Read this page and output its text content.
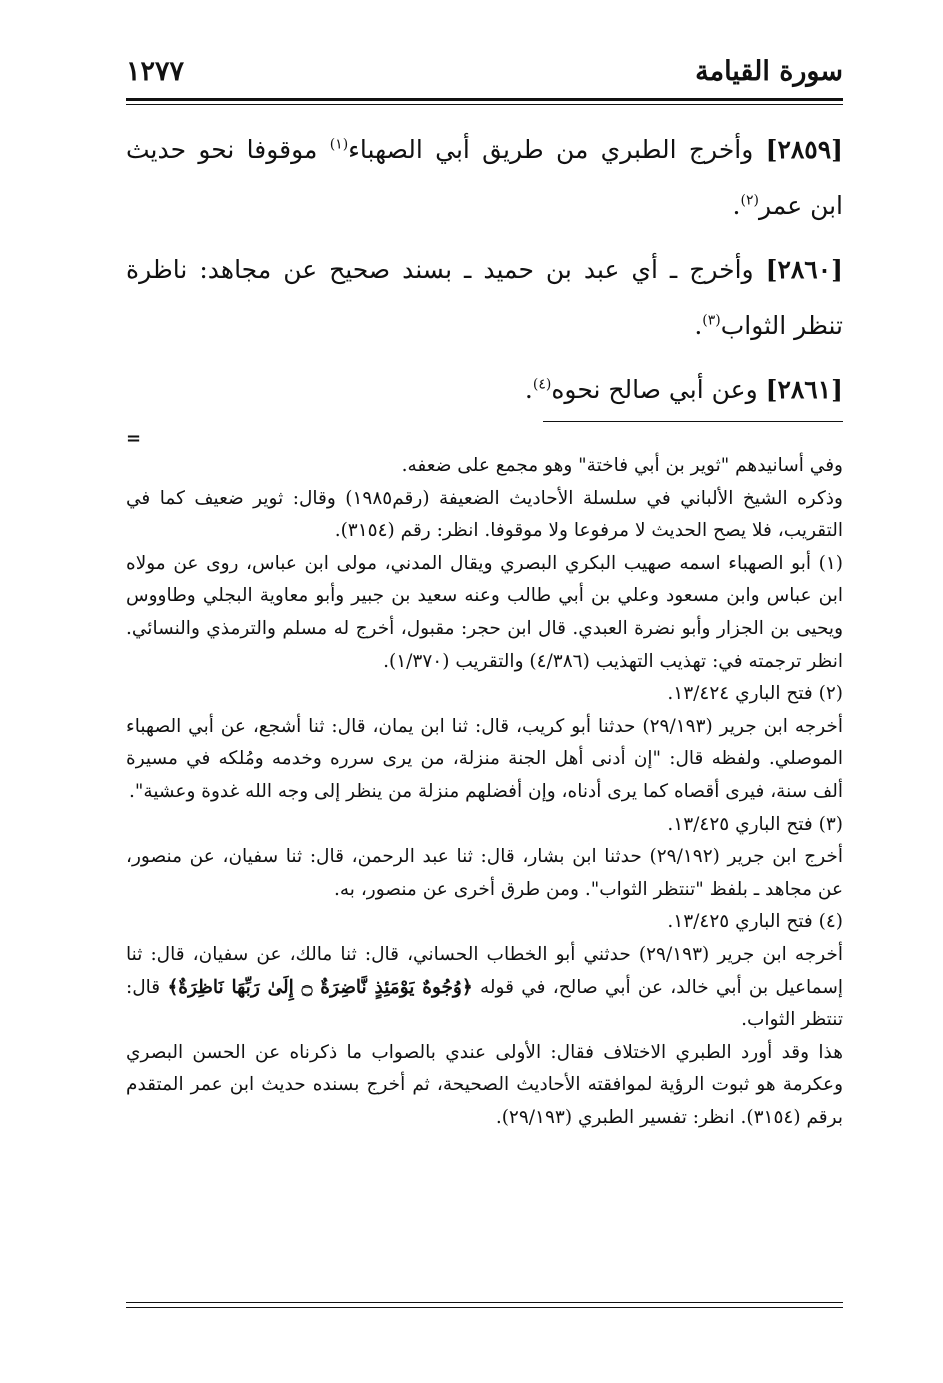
سورة القيامة
١٢٧٧

[٢٨٥٩] وأخرج الطبري من طريق أبي الصهباء$^{(١)}$ موقوفا نحو حديث ابن عمر$^{(٢)}$.

[٢٨٦٠] وأخرج ـ أي عبد بن حميد ـ بسند صحيح عن مجاهد: ناظرة تنظر الثواب$^{(٣)}$.

[٢٨٦١] وعن أبي صالح نحوه$^{(٤)}$.

=

وفي أسانيدهم "ثوير بن أبي فاختة" وهو مجمع على ضعفه.

وذكره الشيخ الألباني في سلسلة الأحاديث الضعيفة (رقم١٩٨٥) وقال: ثوير ضعيف كما في التقريب، فلا يصح الحديث لا مرفوعا ولا موقوفا. انظر: رقم (٣١٥٤).

(١) أبو الصهباء اسمه صهيب البكري البصري ويقال المدني، مولى ابن عباس، روى عن مولاه ابن عباس وابن مسعود وعلي بن أبي طالب وعنه سعيد بن جبير وأبو معاوية البجلي وطاووس ويحيى بن الجزار وأبو نضرة العبدي. قال ابن حجر: مقبول، أخرج له مسلم والترمذي والنسائي. انظر ترجمته في: تهذيب التهذيب (٤/٣٨٦) والتقريب (١/٣٧٠).

(٢) فتح الباري ١٣/٤٢٤.

أخرجه ابن جرير (٢٩/١٩٣) حدثنا أبو كريب، قال: ثنا ابن يمان، قال: ثنا أشجع، عن أبي الصهباء الموصلي. ولفظه قال: "إن أدنى أهل الجنة منزلة، من يرى سرره وخدمه ومُلكه في مسيرة ألف سنة، فيرى أقصاه كما يرى أدناه، وإن أفضلهم منزلة من ينظر إلى وجه الله غدوة وعشية".

(٣) فتح الباري ١٣/٤٢٥.

أخرج ابن جرير (٢٩/١٩٢) حدثنا ابن بشار، قال: ثنا عبد الرحمن، قال: ثنا سفيان، عن منصور، عن مجاهد ـ بلفظ "تنتظر الثواب". ومن طرق أخرى عن منصور، به.

(٤) فتح الباري ١٣/٤٢٥.

أخرجه ابن جرير (٢٩/١٩٣) حدثني أبو الخطاب الحساني، قال: ثنا مالك، عن سفيان، قال: ثنا إسماعيل بن أبي خالد، عن أبي صالح، في قوله ﴿وُجُوهٌ يَوْمَئِذٍ نَّاضِرَةٌ ۝ إِلَىٰ رَبِّهَا نَاظِرَةٌ﴾ قال: تنتظر الثواب.

هذا وقد أورد الطبري الاختلاف فقال: الأولى عندي بالصواب ما ذكرناه عن الحسن البصري وعكرمة هو ثبوت الرؤية لموافقته الأحاديث الصحيحة، ثم أخرج بسنده حديث ابن عمر المتقدم برقم (٣١٥٤). انظر: تفسير الطبري (٢٩/١٩٣).
